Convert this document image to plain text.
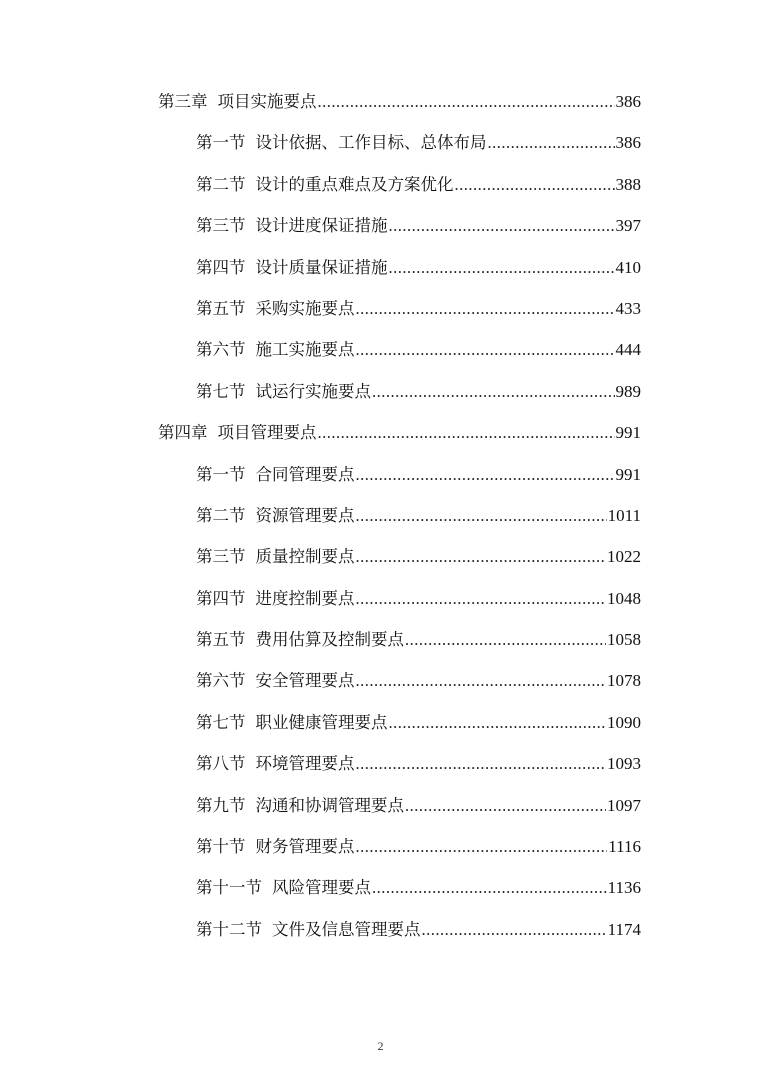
第三章 项目实施要点 .....	386
第一节 设计依据、工作目标、总体布局 .....	386
第二节 设计的重点难点及方案优化 .....	388
第三节 设计进度保证措施 .....	397
第四节 设计质量保证措施 .....	410
第五节 采购实施要点 .....	433
第六节 施工实施要点 .....	444
第七节 试运行实施要点 .....	989
第四章 项目管理要点 .....	991
第一节 合同管理要点 .....	991
第二节 资源管理要点 .....	1011
第三节 质量控制要点 .....	1022
第四节 进度控制要点 .....	1048
第五节 费用估算及控制要点 .....	1058
第六节 安全管理要点 .....	1078
第七节 职业健康管理要点 .....	1090
第八节 环境管理要点 .....	1093
第九节 沟通和协调管理要点 .....	1097
第十节 财务管理要点 .....	1116
第十一节 风险管理要点 .....	1136
第十二节 文件及信息管理要点 .....	1174
2
